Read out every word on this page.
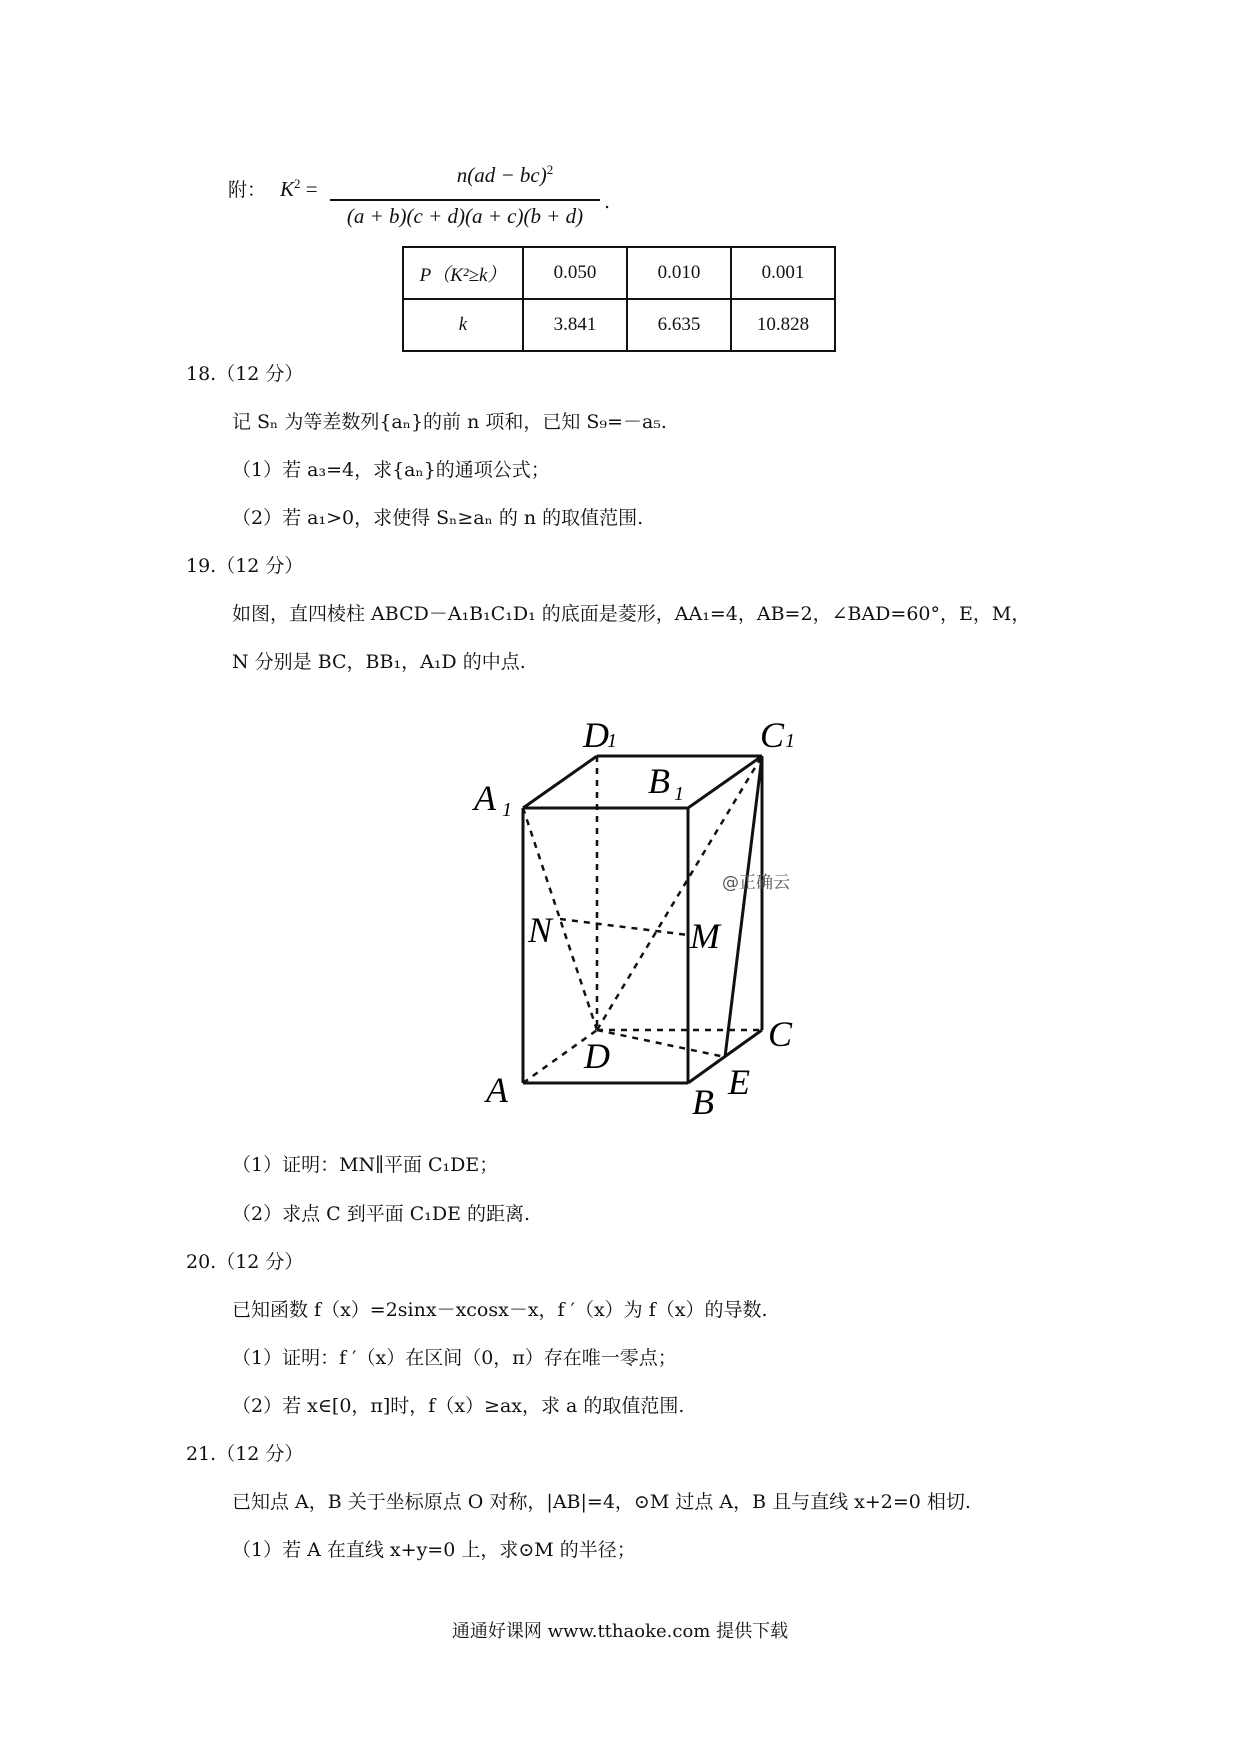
附： $K^2$ =
n(ad − bc)$^2$
(a + b)(c + d)(a + c)(b + d)
.
P（K²≥k）	0.050	0.010	0.001
k	3.841	6.635	10.828
18.（12 分）
记 Sₙ 为等差数列{aₙ}的前 n 项和，已知 S₉=－a₅.
（1）若 a₃=4，求{aₙ}的通项公式；
（2）若 a₁>0，求使得 Sₙ≥aₙ 的 n 的取值范围.
19.（12 分）
如图，直四棱柱 ABCD－A₁B₁C₁D₁ 的底面是菱形，AA₁=4，AB=2，∠BAD=60°，E，M，
N 分别是 BC，BB₁，A₁D 的中点.
D
1	C 1
B 1
A 1
N	M
D
C
E
A	B
@正确云
（1）证明：MN∥平面 C₁DE；
（2）求点 C 到平面 C₁DE 的距离.
20.（12 分）
已知函数 f（x）=2sinx－xcosx－x，f ′（x）为 f（x）的导数.
（1）证明：f ′（x）在区间（0，π）存在唯一零点；
（2）若 x∈[0，π]时，f（x）≥ax，求 a 的取值范围.
21.（12 分）
已知点 A，B 关于坐标原点 O 对称，|AB|=4，⊙M 过点 A，B 且与直线 x+2=0 相切.
（1）若 A 在直线 x+y=0 上，求⊙M 的半径；
通通好课网 www.tthaoke.com 提供下载
